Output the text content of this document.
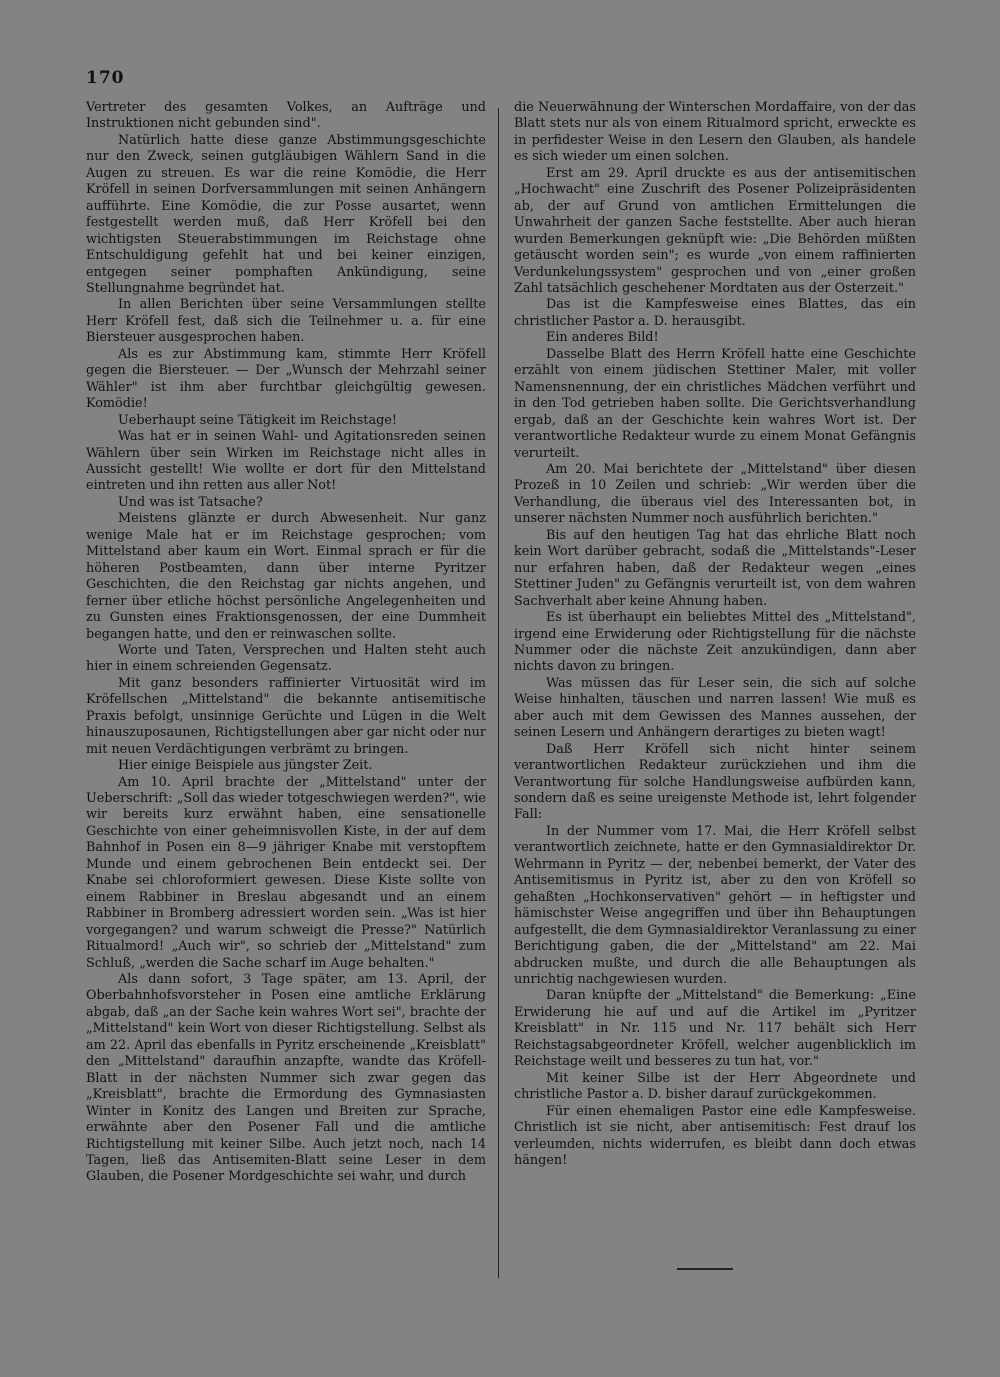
170

Vertreter des gesamten Volkes, an Aufträge und Instruktionen nicht gebunden sind".

Natürlich hatte diese ganze Abstimmungsgeschichte nur den Zweck, seinen gutgläubigen Wählern Sand in die Augen zu streuen. Es war die reine Komödie, die Herr Kröfell in seinen Dorfversammlungen mit seinen Anhängern aufführte. Eine Komödie, die zur Posse ausartet, wenn festgestellt werden muß, daß Herr Kröfell bei den wichtigsten Steuerabstimmungen im Reichstage ohne Entschuldigung gefehlt hat und bei keiner einzigen, entgegen seiner pomphaften Ankündigung, seine Stellungnahme begründet hat.

In allen Berichten über seine Versammlungen stellte Herr Kröfell fest, daß sich die Teilnehmer u. a. für eine Biersteuer ausgesprochen haben.

Als es zur Abstimmung kam, stimmte Herr Kröfell gegen die Biersteuer. — Der „Wunsch der Mehrzahl seiner Wähler" ist ihm aber furchtbar gleichgültig gewesen. Komödie!

Ueberhaupt seine Tätigkeit im Reichstage!

Was hat er in seinen Wahl- und Agitationsreden seinen Wählern über sein Wirken im Reichstage nicht alles in Aussicht gestellt! Wie wollte er dort für den Mittelstand eintreten und ihn retten aus aller Not!

Und was ist Tatsache?

Meistens glänzte er durch Abwesenheit. Nur ganz wenige Male hat er im Reichstage gesprochen; vom Mittelstand aber kaum ein Wort. Einmal sprach er für die höheren Postbeamten, dann über interne Pyritzer Geschichten, die den Reichstag gar nichts angehen, und ferner über etliche höchst persönliche Angelegenheiten und zu Gunsten eines Fraktionsgenossen, der eine Dummheit begangen hatte, und den er reinwaschen sollte.

Worte und Taten, Versprechen und Halten steht auch hier in einem schreienden Gegensatz.

Mit ganz besonders raffinierter Virtuosität wird im Kröfellschen „Mittelstand" die bekannte antisemitische Praxis befolgt, unsinnige Gerüchte und Lügen in die Welt hinauszuposaunen, Richtigstellungen aber gar nicht oder nur mit neuen Verdächtigungen verbrämt zu bringen.

Hier einige Beispiele aus jüngster Zeit.

Am 10. April brachte der „Mittelstand" unter der Ueberschrift: „Soll das wieder totgeschwiegen werden?", wie wir bereits kurz erwähnt haben, eine sensationelle Geschichte von einer geheimnisvollen Kiste, in der auf dem Bahnhof in Posen ein 8—9 jähriger Knabe mit verstopftem Munde und einem gebrochenen Bein entdeckt sei. Der Knabe sei chloroformiert gewesen. Diese Kiste sollte von einem Rabbiner in Breslau abgesandt und an einem Rabbiner in Bromberg adressiert worden sein. „Was ist hier vorgegangen? und warum schweigt die Presse?" Natürlich Ritualmord! „Auch wir", so schrieb der „Mittelstand" zum Schluß, „werden die Sache scharf im Auge behalten."

Als dann sofort, 3 Tage später, am 13. April, der Oberbahnhofsvorsteher in Posen eine amtliche Erklärung abgab, daß „an der Sache kein wahres Wort sei", brachte der „Mittelstand" kein Wort von dieser Richtigstellung. Selbst als am 22. April das ebenfalls in Pyritz erscheinende „Kreisblatt" den „Mittelstand" daraufhin anzapfte, wandte das Kröfell-Blatt in der nächsten Nummer sich zwar gegen das „Kreisblatt", brachte die Ermordung des Gymnasiasten Winter in Konitz des Langen und Breiten zur Sprache, erwähnte aber den Posener Fall und die amtliche Richtigstellung mit keiner Silbe. Auch jetzt noch, nach 14 Tagen, ließ das Antisemiten-Blatt seine Leser in dem Glauben, die Posener Mordgeschichte sei wahr, und durch

die Neuerwähnung der Winterschen Mordaffaire, von der das Blatt stets nur als von einem Ritualmord spricht, erweckte es in perfidester Weise in den Lesern den Glauben, als handele es sich wieder um einen solchen.

Erst am 29. April druckte es aus der antisemitischen „Hochwacht" eine Zuschrift des Posener Polizeipräsidenten ab, der auf Grund von amtlichen Ermittelungen die Unwahrheit der ganzen Sache feststellte. Aber auch hieran wurden Bemerkungen geknüpft wie: „Die Behörden müßten getäuscht worden sein"; es wurde „von einem raffinierten Verdunkelungssystem" gesprochen und von „einer großen Zahl tatsächlich geschehener Mordtaten aus der Osterzeit."

Das ist die Kampfesweise eines Blattes, das ein christlicher Pastor a. D. herausgibt.

Ein anderes Bild!

Dasselbe Blatt des Herrn Kröfell hatte eine Geschichte erzählt von einem jüdischen Stettiner Maler, mit voller Namensnennung, der ein christliches Mädchen verführt und in den Tod getrieben haben sollte. Die Gerichtsverhandlung ergab, daß an der Geschichte kein wahres Wort ist. Der verantwortliche Redakteur wurde zu einem Monat Gefängnis verurteilt.

Am 20. Mai berichtete der „Mittelstand" über diesen Prozeß in 10 Zeilen und schrieb: „Wir werden über die Verhandlung, die überaus viel des Interessanten bot, in unserer nächsten Nummer noch ausführlich berichten."

Bis auf den heutigen Tag hat das ehrliche Blatt noch kein Wort darüber gebracht, sodaß die „Mittelstands"-Leser nur erfahren haben, daß der Redakteur wegen „eines Stettiner Juden" zu Gefängnis verurteilt ist, von dem wahren Sachverhalt aber keine Ahnung haben.

Es ist überhaupt ein beliebtes Mittel des „Mittelstand", irgend eine Erwiderung oder Richtigstellung für die nächste Nummer oder die nächste Zeit anzukündigen, dann aber nichts davon zu bringen.

Was müssen das für Leser sein, die sich auf solche Weise hinhalten, täuschen und narren lassen! Wie muß es aber auch mit dem Gewissen des Mannes aussehen, der seinen Lesern und Anhängern derartiges zu bieten wagt!

Daß Herr Kröfell sich nicht hinter seinem verantwortlichen Redakteur zurückziehen und ihm die Verantwortung für solche Handlungsweise aufbürden kann, sondern daß es seine ureigenste Methode ist, lehrt folgender Fall:

In der Nummer vom 17. Mai, die Herr Kröfell selbst verantwortlich zeichnete, hatte er den Gymnasialdirektor Dr. Wehrmann in Pyritz — der, nebenbei bemerkt, der Vater des Antisemitismus in Pyritz ist, aber zu den von Kröfell so gehaßten „Hochkonservativen" gehört — in heftigster und hämischster Weise angegriffen und über ihn Behauptungen aufgestellt, die dem Gymnasialdirektor Veranlassung zu einer Berichtigung gaben, die der „Mittelstand" am 22. Mai abdrucken mußte, und durch die alle Behauptungen als unrichtig nachgewiesen wurden.

Daran knüpfte der „Mittelstand" die Bemerkung: „Eine Erwiderung hie auf und auf die Artikel im „Pyritzer Kreisblatt" in Nr. 115 und Nr. 117 behält sich Herr Reichstagsabgeordneter Kröfell, welcher augenblicklich im Reichstage weilt und besseres zu tun hat, vor."

Mit keiner Silbe ist der Herr Abgeordnete und christliche Pastor a. D. bisher darauf zurückgekommen.

Für einen ehemaligen Pastor eine edle Kampfesweise. Christlich ist sie nicht, aber antisemitisch: Fest drauf los verleumden, nichts widerrufen, es bleibt dann doch etwas hängen!
